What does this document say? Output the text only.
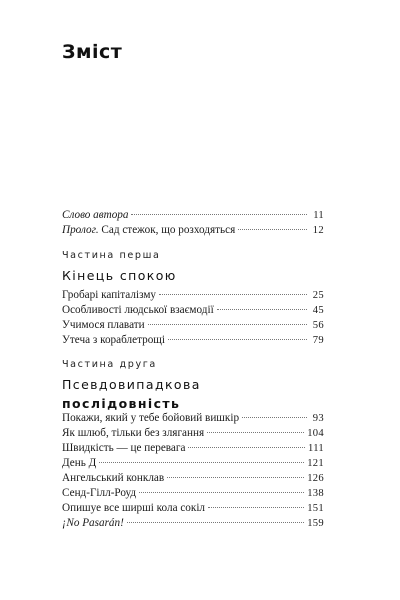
Зміст
Слово автора	11
Пролог. Сад стежок, що розходяться	12
Частина перша
Кінець спокою
Гробарі капіталізму	25
Особливості людської взаємодії	45
Учимося плавати	56
Утеча з кораблетрощі	79
Частина друга
Псевдовипадкова
послідовність
Покажи, який у тебе бойовий вишкір	93
Як шлюб, тільки без злягання	104
Швидкість — це перевага	111
День Д	121
Ангельський конклав	126
Сенд-Гілл-Роуд	138
Опишуе все ширші кола сокіл	151
¡No Pasarán!	159
